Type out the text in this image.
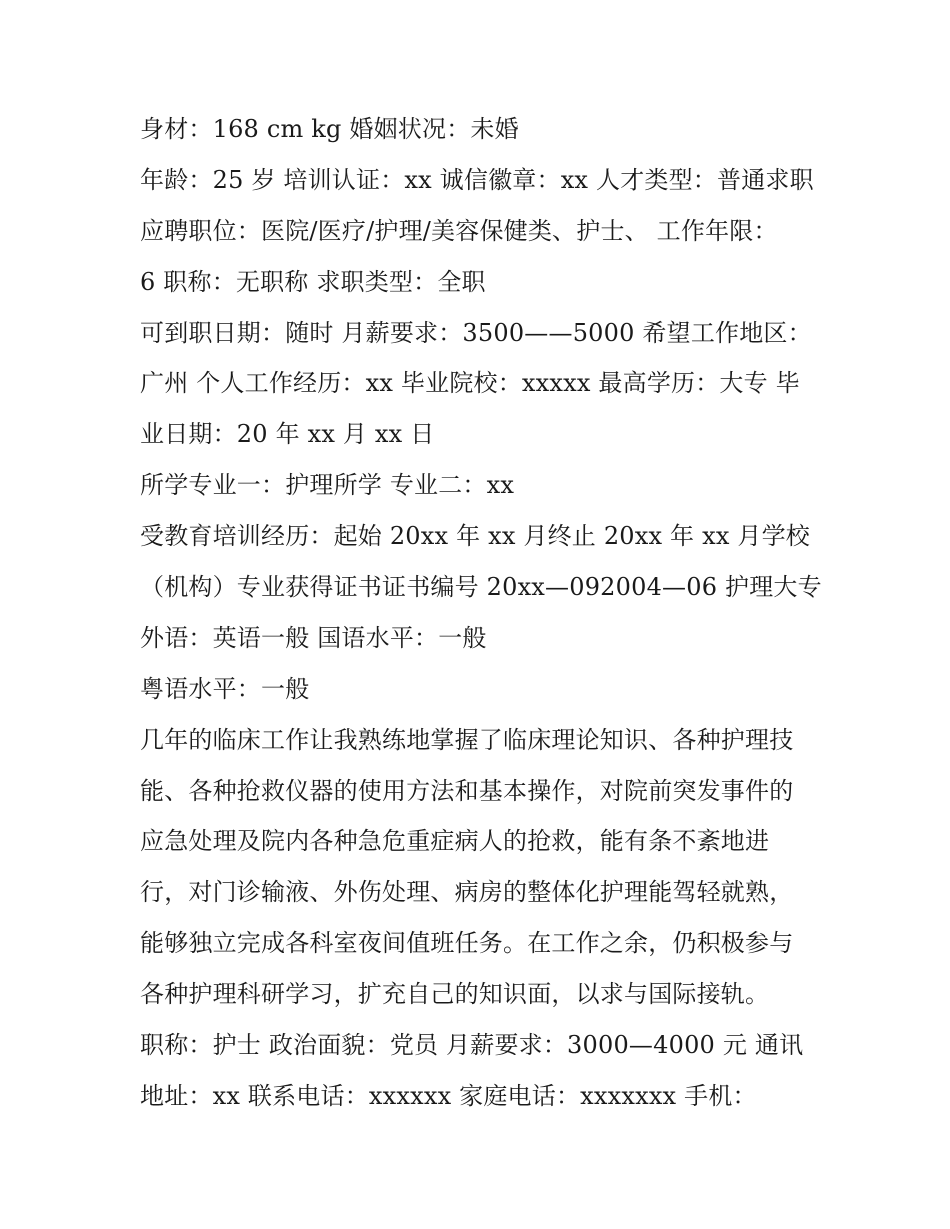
身材：168 cm kg 婚姻状况：未婚
年龄：25 岁 培训认证：xx 诚信徽章：xx 人才类型：普通求职
应聘职位：医院/医疗/护理/美容保健类、护士、 工作年限：
6 职称：无职称 求职类型：全职
可到职日期：随时 月薪要求：3500——5000 希望工作地区：
广州 个人工作经历：xx 毕业院校：xxxxx 最高学历：大专 毕
业日期：20 年 xx 月 xx 日
所学专业一：护理所学 专业二：xx
受教育培训经历：起始 20xx 年 xx 月终止 20xx 年 xx 月学校
（机构）专业获得证书证书编号 20xx—092004—06 护理大专
外语：英语一般 国语水平：一般
粤语水平：一般
几年的临床工作让我熟练地掌握了临床理论知识、各种护理技
能、各种抢救仪器的使用方法和基本操作，对院前突发事件的
应急处理及院内各种急危重症病人的抢救，能有条不紊地进
行，对门诊输液、外伤处理、病房的整体化护理能驾轻就熟，
能够独立完成各科室夜间值班任务。在工作之余，仍积极参与
各种护理科研学习，扩充自己的知识面，以求与国际接轨。
职称：护士 政治面貌：党员 月薪要求：3000—4000 元 通讯
地址：xx 联系电话：xxxxxx 家庭电话：xxxxxxx 手机：
